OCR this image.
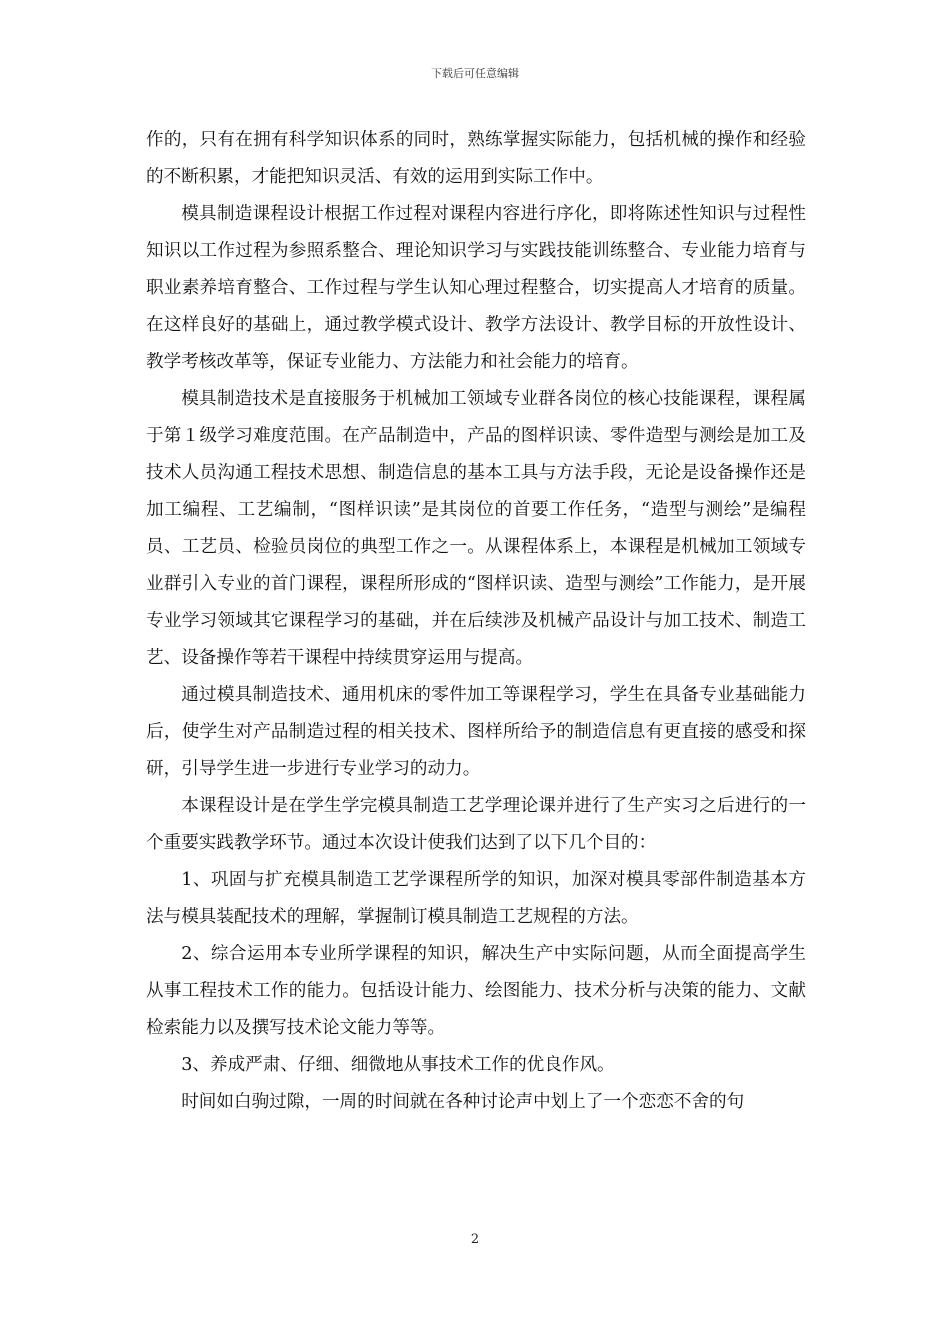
下载后可任意编辑

作的，只有在拥有科学知识体系的同时，熟练掌握实际能力，包括机械的操作和经验的不断积累，才能把知识灵活、有效的运用到实际工作中。

模具制造课程设计根据工作过程对课程内容进行序化，即将陈述性知识与过程性知识以工作过程为参照系整合、理论知识学习与实践技能训练整合、专业能力培育与职业素养培育整合、工作过程与学生认知心理过程整合，切实提高人才培育的质量。在这样良好的基础上，通过教学模式设计、教学方法设计、教学目标的开放性设计、教学考核改革等，保证专业能力、方法能力和社会能力的培育。

模具制造技术是直接服务于机械加工领域专业群各岗位的核心技能课程，课程属于第１级学习难度范围。在产品制造中，产品的图样识读、零件造型与测绘是加工及技术人员沟通工程技术思想、制造信息的基本工具与方法手段，无论是设备操作还是加工编程、工艺编制，“图样识读”是其岗位的首要工作任务，“造型与测绘”是编程员、工艺员、检验员岗位的典型工作之一。从课程体系上，本课程是机械加工领域专业群引入专业的首门课程，课程所形成的“图样识读、造型与测绘”工作能力，是开展专业学习领域其它课程学习的基础，并在后续涉及机械产品设计与加工技术、制造工艺、设备操作等若干课程中持续贯穿运用与提高。

通过模具制造技术、通用机床的零件加工等课程学习，学生在具备专业基础能力后，使学生对产品制造过程的相关技术、图样所给予的制造信息有更直接的感受和探研，引导学生进一步进行专业学习的动力。

本课程设计是在学生学完模具制造工艺学理论课并进行了生产实习之后进行的一个重要实践教学环节。通过本次设计使我们达到了以下几个目的：

1、巩固与扩充模具制造工艺学课程所学的知识，加深对模具零部件制造基本方法与模具装配技术的理解，掌握制订模具制造工艺规程的方法。

2、综合运用本专业所学课程的知识，解决生产中实际问题，从而全面提高学生从事工程技术工作的能力。包括设计能力、绘图能力、技术分析与决策的能力、文献检索能力以及撰写技术论文能力等等。

3、养成严肃、仔细、细微地从事技术工作的优良作风。

时间如白驹过隙，一周的时间就在各种讨论声中划上了一个恋恋不舍的句

2
